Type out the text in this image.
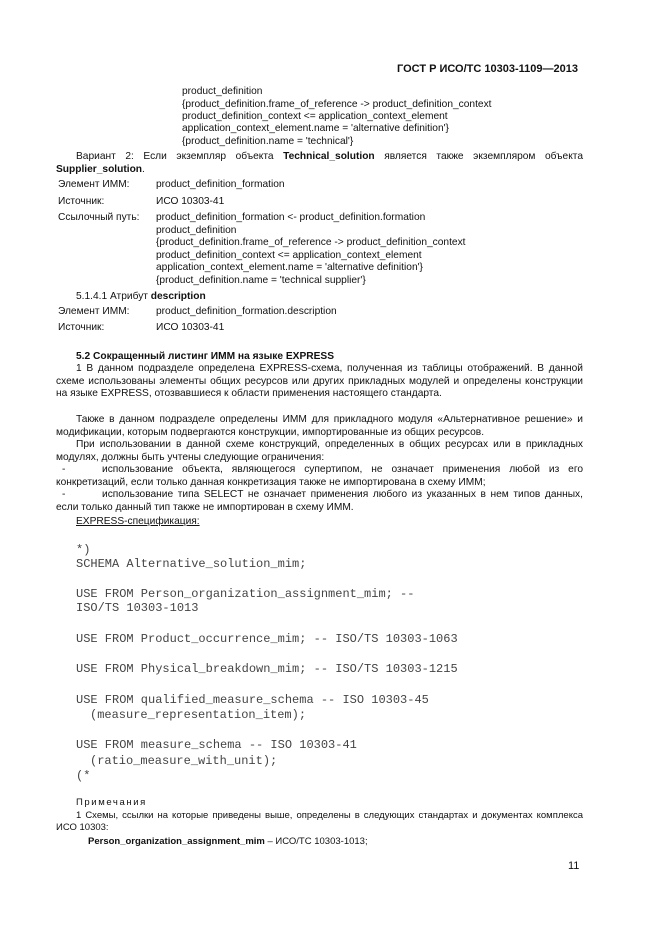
ГОСТ Р ИСО/ТС 10303-1109—2013
product_definition
{product_definition.frame_of_reference -> product_definition_context
product_definition_context <= application_context_element
application_context_element.name = 'alternative definition'}
{product_definition.name = 'technical'}
Вариант 2: Если экземпляр объекта Technical_solution является также экземпляром объекта Supplier_solution.
Элемент ИММ:	product_definition_formation
Источник:	ИСО 10303-41
Ссылочный путь: product_definition_formation <- product_definition.formation
product_definition
{product_definition.frame_of_reference -> product_definition_context
product_definition_context <= application_context_element
application_context_element.name = 'alternative definition'}
{product_definition.name = 'technical supplier'}
5.1.4.1 Атрибут description
Элемент ИММ:	product_definition_formation.description
Источник:	ИСО 10303-41
5.2 Сокращенный листинг ИММ на языке EXPRESS
1 В данном подразделе определена EXPRESS-схема, полученная из таблицы отображений. В данной схеме использованы элементы общих ресурсов или других прикладных модулей и определены конструкции на языке EXPRESS, отозвавшиеся к области применения настоящего стандарта.
Также в данном подразделе определены ИММ для прикладного модуля «Альтернативное решение» и модификации, которым подвергаются конструкции, импортированные из общих ресурсов.
При использовании в данной схеме конструкций, определенных в общих ресурсах или в прикладных модулях, должны быть учтены следующие ограничения:
-	использование объекта, являющегося супертипом, не означает применения любой из его конкретизаций, если только данная конкретизация также не импортирована в схему ИММ;
-	использование типа SELECT не означает применения любого из указанных в нем типов данных, если только данный тип также не импортирован в схему ИММ.
EXPRESS-спецификация:
*)
SCHEMA Alternative_solution_mim;
USE FROM Person_organization_assignment_mim; --
ISO/TS 10303-1013
USE FROM Product_occurrence_mim; -- ISO/TS 10303-1063
USE FROM Physical_breakdown_mim; -- ISO/TS 10303-1215
USE FROM qualified_measure_schema -- ISO 10303-45
(measure_representation_item);
USE FROM measure_schema -- ISO 10303-41
(ratio_measure_with_unit);
(*
Примечания
1 Схемы, ссылки на которые приведены выше, определены в следующих стандартах и документах комплекса ИСО 10303:
Person_organization_assignment_mim – ИСО/ТС 10303-1013;
11
